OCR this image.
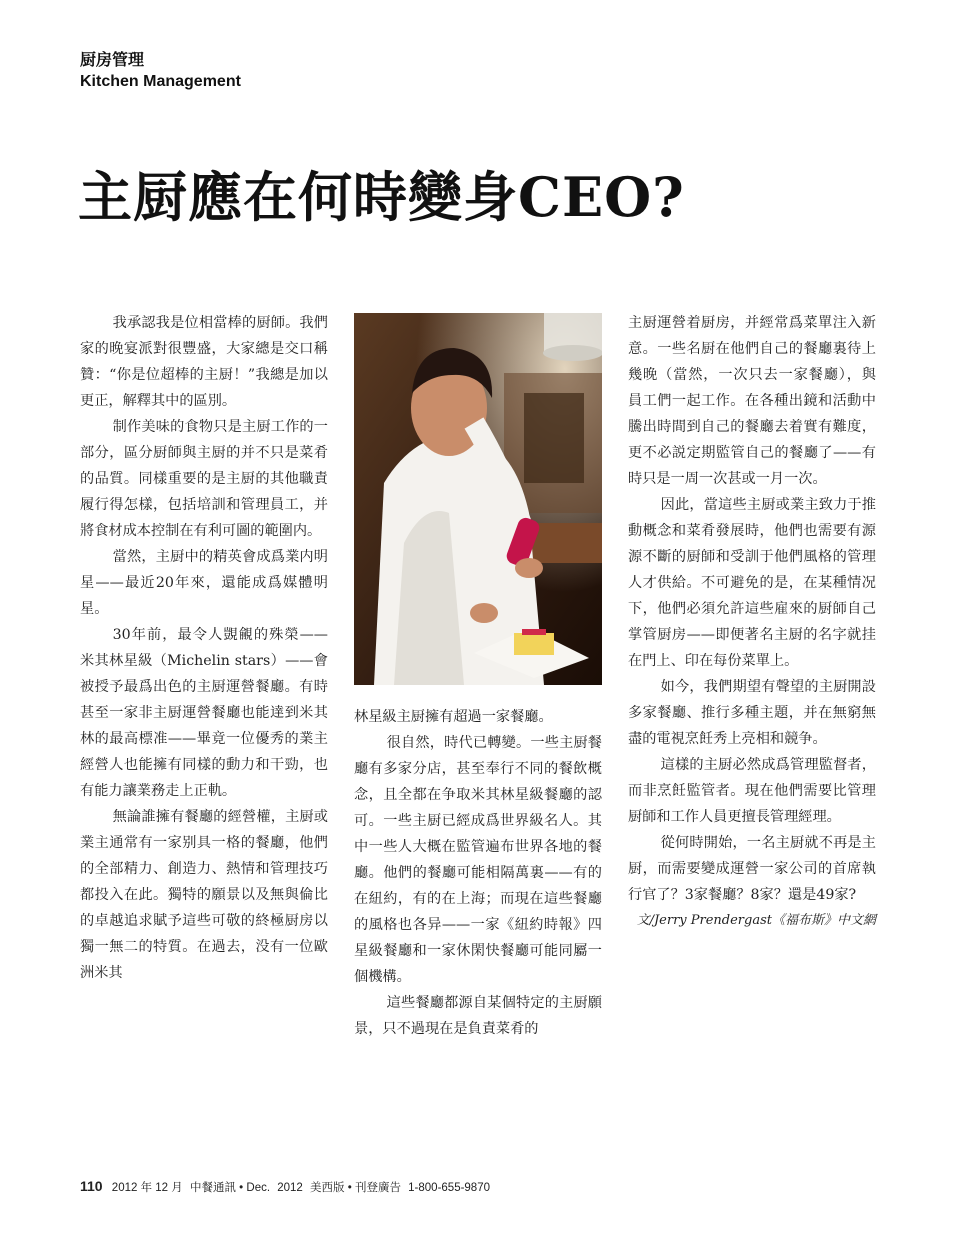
厨房管理
Kitchen Management
主厨應在何時變身CEO?

我承認我是位相當棒的厨師。我們家的晚宴派對很豐盛，大家總是交口稱贊：“你是位超棒的主厨！”我總是加以更正，解釋其中的區別。

制作美味的食物只是主厨工作的一部分，區分厨師與主厨的并不只是菜肴的品質。同樣重要的是主厨的其他職責履行得怎樣，包括培訓和管理員工，并將食材成本控制在有利可圖的範圍内。

當然，主厨中的精英會成爲業内明星——最近20年來，還能成爲媒體明星。

30年前，最令人覬覦的殊榮——米其林星級（Michelin stars）——會被授予最爲出色的主厨運營餐廳。有時甚至一家非主厨運營餐廳也能達到米其林的最高標准——畢竟一位優秀的業主經營人也能擁有同樣的動力和干勁，也有能力讓業務走上正軌。

無論誰擁有餐廳的經營權，主厨或業主通常有一家别具一格的餐廳，他們的全部精力、創造力、熱情和管理技巧都投入在此。獨特的願景以及無與倫比的卓越追求賦予這些可敬的終極厨房以獨一無二的特質。在過去，没有一位歐洲米其

林星級主厨擁有超過一家餐廳。

很自然，時代已轉變。一些主厨餐廳有多家分店，甚至奉行不同的餐飲概念，且全都在争取米其林星級餐廳的認可。一些主厨已經成爲世界級名人。其中一些人大概在監管遍布世界各地的餐廳。他們的餐廳可能相隔萬裏——有的在紐約，有的在上海；而現在這些餐廳的風格也各异——一家《紐約時報》四星級餐廳和一家休閑快餐廳可能同屬一個機構。

這些餐廳都源自某個特定的主厨願景，只不過現在是負責菜肴的

主厨運營着厨房，并經常爲菜單注入新意。一些名厨在他們自己的餐廳裏待上幾晚（當然，一次只去一家餐廳），與員工們一起工作。在各種出鏡和活動中騰出時間到自己的餐廳去着實有難度，更不必説定期監管自己的餐廳了——有時只是一周一次甚或一月一次。

因此，當這些主厨或業主致力于推動概念和菜肴發展時，他們也需要有源源不斷的厨師和受訓于他們風格的管理人才供給。不可避免的是，在某種情况下，他們必須允許這些雇來的厨師自己掌管厨房——即便著名主厨的名字就挂在門上、印在每份菜單上。

如今，我們期望有聲望的主厨開設多家餐廳、推行多種主題，并在無窮無盡的電視烹飪秀上亮相和競争。

這樣的主厨必然成爲管理監督者，而非烹飪監管者。現在他們需要比管理厨師和工作人員更擅長管理經理。

從何時開始，一名主厨就不再是主厨，而需要變成運營一家公司的首席執行官了？3家餐廳？8家？還是49家?

文/Jerry Prendergast《福布斯》中文網

110 2012 年 12 月 中餐通訊 • Dec. 2012 美西版 • 刊登廣告 1-800-655-9870
